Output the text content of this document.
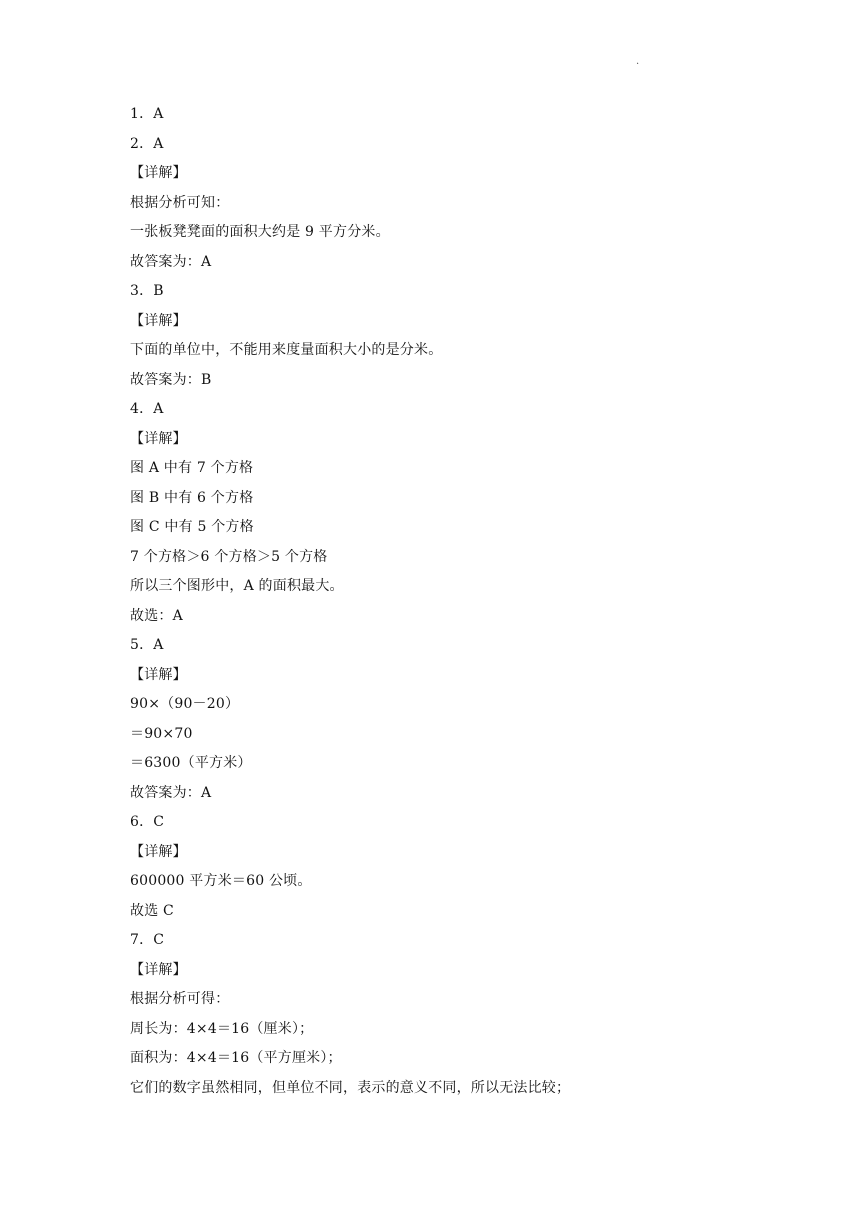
.
1．A
2．A
【详解】
根据分析可知：
一张板凳凳面的面积大约是 9 平方分米。
故答案为：A
3．B
【详解】
下面的单位中，不能用来度量面积大小的是分米。
故答案为：B
4．A
【详解】
图 A 中有 7 个方格
图 B 中有 6 个方格
图 C 中有 5 个方格
7 个方格＞6 个方格＞5 个方格
所以三个图形中，A 的面积最大。
故选：A
5．A
【详解】
90×（90－20）
＝90×70
＝6300（平方米）
故答案为：A
6．C
【详解】
600000 平方米＝60 公顷。
故选 C
7．C
【详解】
根据分析可得：
周长为：4×4＝16（厘米）；
面积为：4×4＝16（平方厘米）；
它们的数字虽然相同，但单位不同，表示的意义不同，所以无法比较；
